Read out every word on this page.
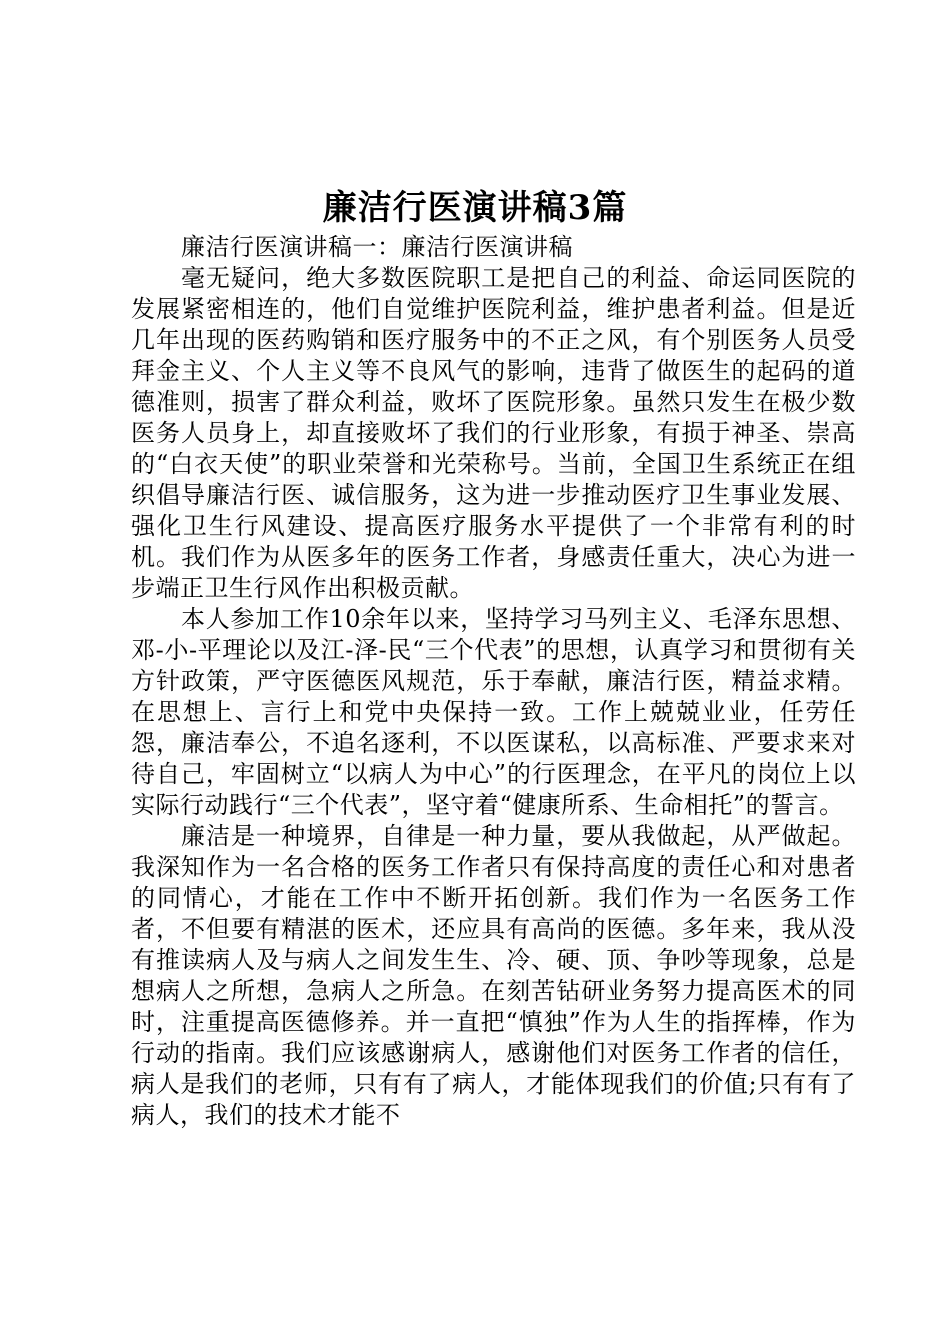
廉洁行医演讲稿3篇

廉洁行医演讲稿一：廉洁行医演讲稿

毫无疑问，绝大多数医院职工是把自己的利益、命运同医院的发展紧密相连的，他们自觉维护医院利益，维护患者利益。但是近几年出现的医药购销和医疗服务中的不正之风，有个别医务人员受拜金主义、个人主义等不良风气的影响，违背了做医生的起码的道德准则，损害了群众利益，败坏了医院形象。虽然只发生在极少数医务人员身上，却直接败坏了我们的行业形象，有损于神圣、崇高的“白衣天使”的职业荣誉和光荣称号。当前，全国卫生系统正在组织倡导廉洁行医、诚信服务，这为进一步推动医疗卫生事业发展、强化卫生行风建设、提高医疗服务水平提供了一个非常有利的时机。我们作为从医多年的医务工作者，身感责任重大，决心为进一步端正卫生行风作出积极贡献。

本人参加工作10余年以来，坚持学习马列主义、毛泽东思想、邓-小-平理论以及江-泽-民“三个代表”的思想，认真学习和贯彻有关方针政策，严守医德医风规范，乐于奉献，廉洁行医，精益求精。在思想上、言行上和党中央保持一致。工作上兢兢业业，任劳任怨，廉洁奉公，不追名逐利，不以医谋私，以高标准、严要求来对待自己，牢固树立“以病人为中心”的行医理念，在平凡的岗位上以实际行动践行“三个代表”，坚守着“健康所系、生命相托”的誓言。

廉洁是一种境界，自律是一种力量，要从我做起，从严做起。我深知作为一名合格的医务工作者只有保持高度的责任心和对患者的同情心，才能在工作中不断开拓创新。我们作为一名医务工作者，不但要有精湛的医术，还应具有高尚的医德。多年来，我从没有推读病人及与病人之间发生生、冷、硬、顶、争吵等现象，总是想病人之所想，急病人之所急。在刻苦钻研业务努力提高医术的同时，注重提高医德修养。并一直把“慎独”作为人生的指挥棒，作为行动的指南。我们应该感谢病人，感谢他们对医务工作者的信任，病人是我们的老师，只有有了病人，才能体现我们的价值;只有有了病人，我们的技术才能不
